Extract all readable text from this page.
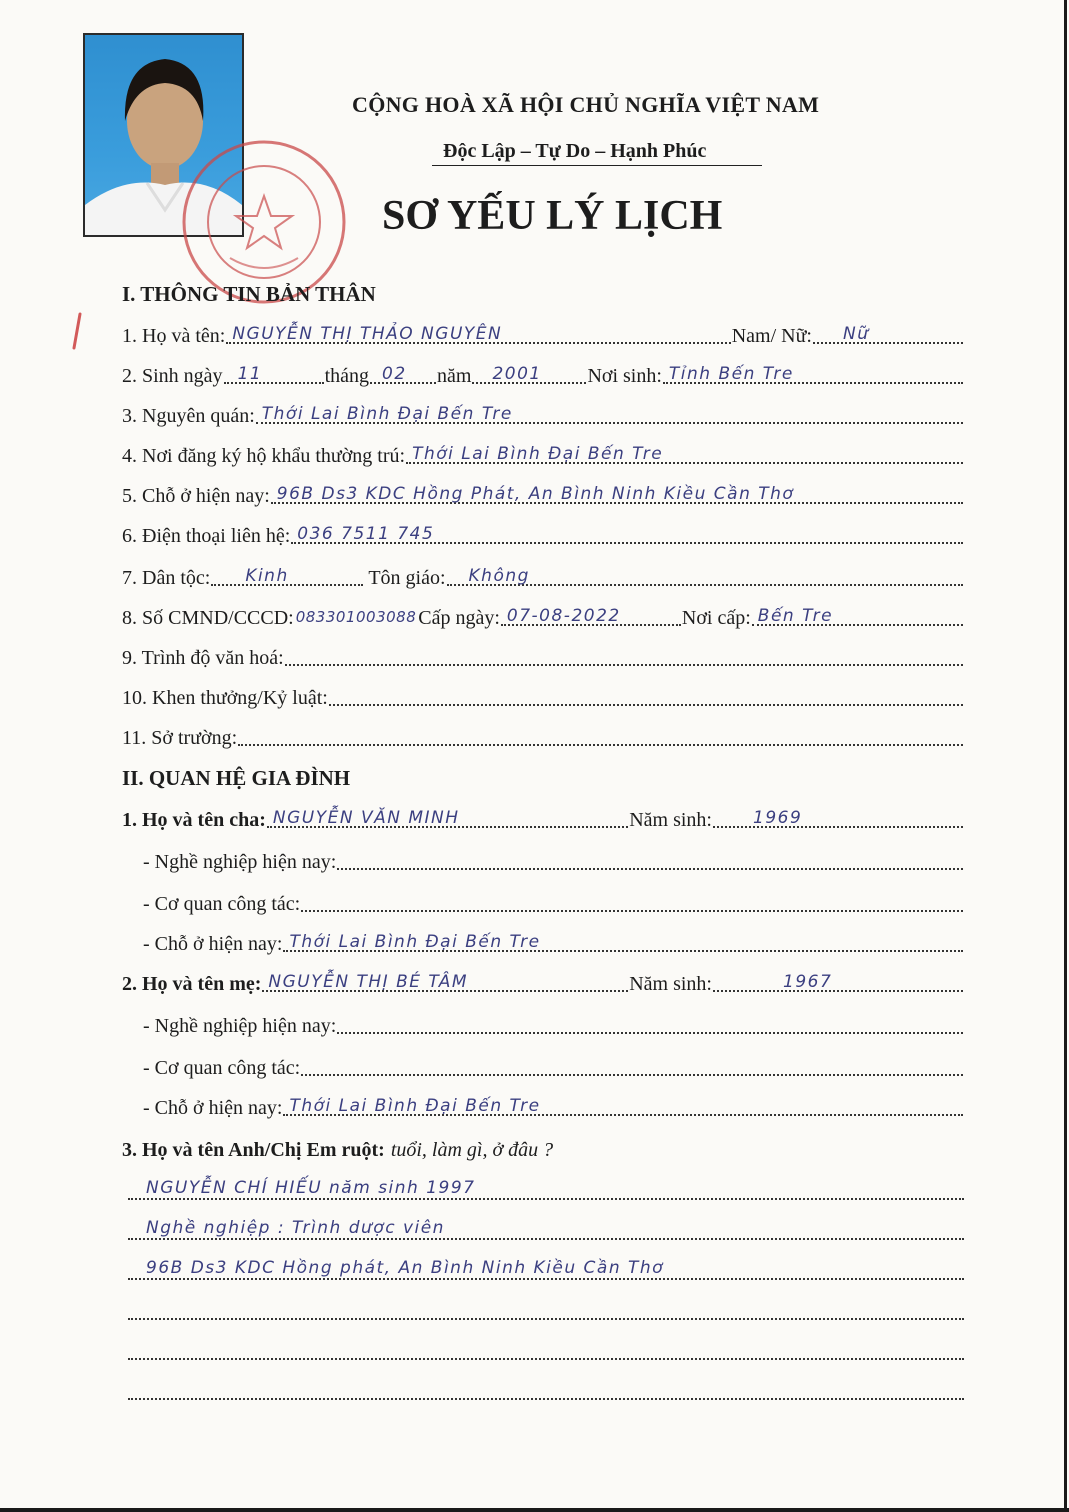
CỘNG HOÀ XÃ HỘI CHỦ NGHĨA VIỆT NAM
Độc Lập – Tự Do – Hạnh Phúc
SƠ YẾU LÝ LỊCH
I. THÔNG TIN BẢN THÂN
1. Họ và tên: NGUYỄN THỊ THẢO NGUYÊN	Nam/ Nữ: Nữ
2. Sinh ngày 11	tháng 02 năm 2001 Nơi sinh: Tỉnh Bến Tre
3. Nguyên quán: Thới Lai Bình Đại Bến Tre
4. Nơi đăng ký hộ khẩu thường trú: Thới Lai Bình Đại Bến Tre
5. Chỗ ở hiện nay: 96B Ds3 KDC Hồng Phát, An Bình Ninh Kiều Cần Thơ
6. Điện thoại liên hệ: 036 7511 745
7. Dân tộc: Kinh	Tôn giáo: Không
8. Số CMND/CCCD: 083301003088 Cấp ngày: 07-08-2022	Nơi cấp: Bến Tre
9. Trình độ văn hoá:
10. Khen thưởng/Kỷ luật:
11. Sở trường:
II. QUAN HỆ GIA ĐÌNH
1. Họ và tên cha: NGUYỄN VĂN MINH	Năm sinh: 1969
- Nghề nghiệp hiện nay:
- Cơ quan công tác:
- Chỗ ở hiện nay: Thới Lai Bình Đại Bến Tre
2. Họ và tên mẹ: NGUYỄN THỊ BÉ TÂM	Năm sinh:	1967
- Nghề nghiệp hiện nay:
- Cơ quan công tác:
- Chỗ ở hiện nay: Thới Lai Bình Đại Bến Tre
3. Họ và tên Anh/Chị Em ruột: tuổi, làm gì, ở đâu ?
NGUYỄN CHÍ HIẾU năm sinh 1997
Nghề nghiệp : Trình dược viên
96B Ds3 KDC Hồng phát, An Bình Ninh Kiều Cần Thơ
